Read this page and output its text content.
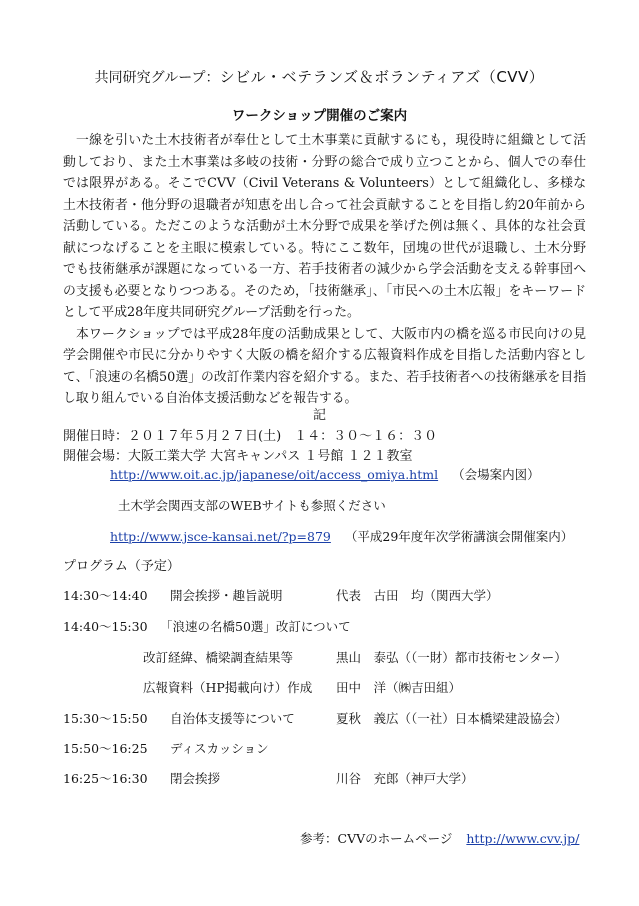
共同研究グループ：シビル・ベテランズ＆ボランティアズ（CVV）
ワークショップ開催のご案内

一線を引いた土木技術者が奉仕として土木事業に貢献するにも，現役時に組織として活動しており、また土木事業は多岐の技術・分野の総合で成り立つことから、個人での奉仕では限界がある。そこでCVV（Civil Veterans & Volunteers）として組織化し、多様な土木技術者・他分野の退職者が知恵を出し合って社会貢献することを目指し約20年前から活動している。ただこのような活動が土木分野で成果を挙げた例は無く、具体的な社会貢献につなげることを主眼に模索している。特にここ数年，団塊の世代が退職し、土木分野でも技術継承が課題になっている一方、若手技術者の減少から学会活動を支える幹事団への支援も必要となりつつある。そのため，「技術継承」、「市民への土木広報」をキーワードとして平成28年度共同研究グループ活動を行った。

本ワークショップでは平成28年度の活動成果として、大阪市内の橋を巡る市民向けの見学会開催や市民に分かりやすく大阪の橋を紹介する広報資料作成を目指した活動内容として、「浪速の名橋50選」の改訂作業内容を紹介する。また、若手技術者への技術継承を目指し取り組んでいる自治体支援活動などを報告する。

記
開催日時：２０１７年５月２７日(土)　１４：３０～１６：３０
開催会場：大阪工業大学 大宮キャンパス １号館 １２１教室
http://www.oit.ac.jp/japanese/oit/access_omiya.html （会場案内図）
土木学会関西支部のWEBサイトも参照ください
http://www.jsce-kansai.net/?p=879 （平成29年度年次学術講演会開催案内）
プログラム（予定）
14:30～14:40 開会挨拶・趣旨説明	代表　古田　均（関西大学）
14:40～15:30 「浪速の名橋50選」改訂について
改訂経緯、橋梁調査結果等	黒山　泰弘（（一財）都市技術センター）
広報資料（HP掲載向け）作成 田中　洋（㈱吉田組）
15:30～15:50 自治体支援等について	夏秋　義広（（一社）日本橋梁建設協会）
15:50～16:25 ディスカッション
16:25～16:30 閉会挨拶	川谷　充郎（神戸大学）
参考：CVVのホームページ http://www.cvv.jp/
